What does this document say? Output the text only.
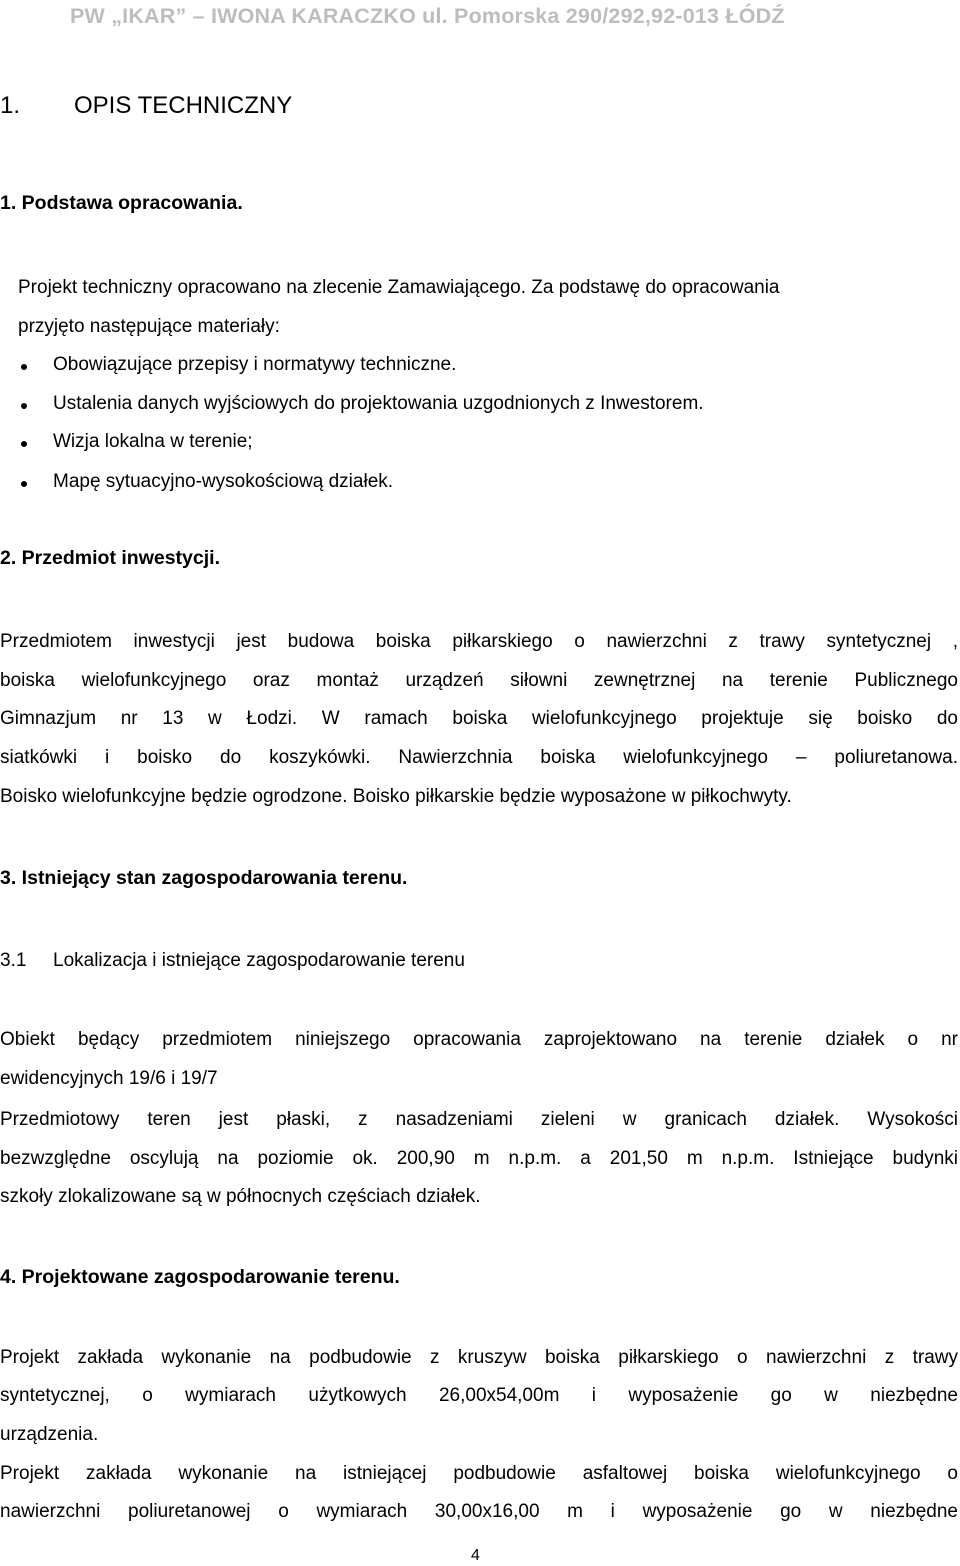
PW „IKAR” – IWONA KARACZKO ul. Pomorska 290/292,92-013 ŁÓDŹ
1. OPIS TECHNICZNY
1. Podstawa opracowania.
Projekt techniczny opracowano na zlecenie Zamawiającego. Za podstawę do opracowania
przyjęto następujące materiały:
Obowiązujące przepisy i normatywy techniczne.
Ustalenia danych wyjściowych do projektowania uzgodnionych z Inwestorem.
Wizja lokalna w terenie;
Mapę sytuacyjno-wysokościową działek.
2. Przedmiot inwestycji.
Przedmiotem inwestycji jest budowa boiska piłkarskiego o nawierzchni z trawy syntetycznej ,
boiska wielofunkcyjnego oraz montaż urządzeń siłowni zewnętrznej na terenie Publicznego
Gimnazjum nr 13 w Łodzi. W ramach boiska wielofunkcyjnego projektuje się boisko do
siatkówki i boisko do koszykówki. Nawierzchnia boiska wielofunkcyjnego – poliuretanowa.
Boisko wielofunkcyjne będzie ogrodzone. Boisko piłkarskie będzie wyposażone w piłkochwyty.
3. Istniejący stan zagospodarowania terenu.
3.1 Lokalizacja i istniejące zagospodarowanie terenu
Obiekt będący przedmiotem niniejszego opracowania zaprojektowano na terenie działek o nr
ewidencyjnych 19/6 i 19/7
Przedmiotowy teren jest płaski, z nasadzeniami zieleni w granicach działek. Wysokości
bezwzględne oscylują na poziomie ok. 200,90 m n.p.m. a 201,50 m n.p.m. Istniejące budynki
szkoły zlokalizowane są w północnych częściach działek.
4. Projektowane zagospodarowanie terenu.
Projekt zakłada wykonanie na podbudowie z kruszyw boiska piłkarskiego o nawierzchni z trawy
syntetycznej, o wymiarach użytkowych 26,00x54,00m i wyposażenie go w niezbędne
urządzenia.
Projekt zakłada wykonanie na istniejącej podbudowie asfaltowej boiska wielofunkcyjnego o
nawierzchni poliuretanowej o wymiarach 30,00x16,00 m i wyposażenie go w niezbędne
4
